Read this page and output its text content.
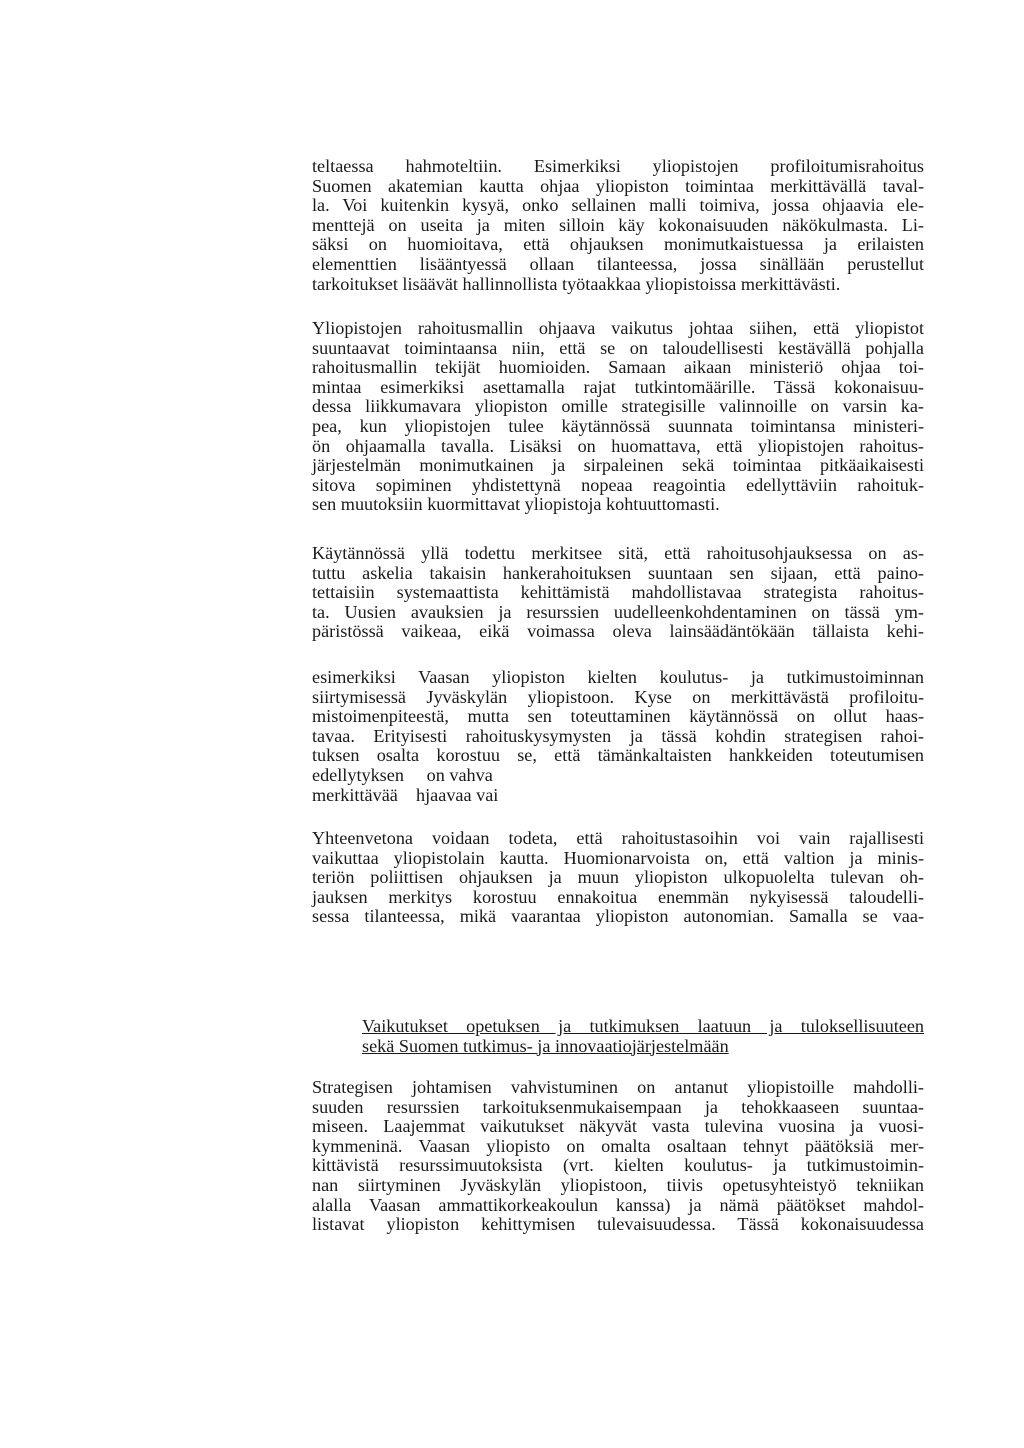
teltaessa hahmoteltiin. Esimerkiksi yliopistojen profiloitumisrahoitus
Suomen akatemian kautta ohjaa yliopiston toimintaa merkittävällä taval-
la. Voi kuitenkin kysyä, onko sellainen malli toimiva, jossa ohjaavia ele-
menttejä on useita ja miten silloin käy kokonaisuuden näkökulmasta. Li-
säksi on huomioitava, että ohjauksen monimutkaistuessa ja erilaisten
elementtien lisääntyessä ollaan tilanteessa, jossa sinällään perustellut
tarkoitukset lisäävät hallinnollista työtaakkaa yliopistoissa merkittävästi.

Yliopistojen rahoitusmallin ohjaava vaikutus johtaa siihen, että yliopistot
suuntaavat toimintaansa niin, että se on taloudellisesti kestävällä pohjalla
rahoitusmallin tekijät huomioiden. Samaan aikaan ministeriö ohjaa toi-
mintaa esimerkiksi asettamalla rajat tutkintomäärille. Tässä kokonaisuu-
dessa liikkumavara yliopiston omille strategisille valinnoille on varsin ka-
pea, kun yliopistojen tulee käytännössä suunnata toimintansa ministeri-
ön ohjaamalla tavalla. Lisäksi on huomattava, että yliopistojen rahoitus-
järjestelmän monimutkainen ja sirpaleinen sekä toimintaa pitkäaikaisesti
sitova sopiminen yhdistettynä nopeaa reagointia edellyttäviin rahoituk-
sen muutoksiin kuormittavat yliopistoja kohtuuttomasti.

Käytännössä yllä todettu merkitsee sitä, että rahoitusohjauksessa on as-
tuttu askelia takaisin hankerahoituksen suuntaan sen sijaan, että paino-
tettaisiin systemaattista kehittämistä mahdollistavaa strategista rahoitus-
ta. Uusien avauksien ja resurssien uudelleenkohdentaminen on tässä ym-
päristössä vaikeaa, eikä voimassa oleva lainsäädäntökään tällaista kehi-

esimerkiksi Vaasan yliopiston kielten koulutus- ja tutkimustoiminnan
siirtymisessä Jyväskylän yliopistoon. Kyse on merkittävästä profiloitu-
mistoimenpiteestä, mutta sen toteuttaminen käytännössä on ollut haas-
tavaa. Erityisesti rahoituskysymysten ja tässä kohdin strategisen rahoi-
tuksen osalta korostuu se, että tämänkaltaisten hankkeiden toteutumisen
edellytyksen     on vahva
merkittävää    hjaavaa vai

Yhteenvetona voidaan todeta, että rahoitustasoihin voi vain rajallisesti
vaikuttaa yliopistolain kautta. Huomionarvoista on, että valtion ja minis-
teriön poliittisen ohjauksen ja muun yliopiston ulkopuolelta tulevan oh-
jauksen merkitys korostuu ennakoitua enemmän nykyisessä taloudelli-
sessa tilanteessa, mikä vaarantaa yliopiston autonomian. Samalla se vaa-

Vaikutukset opetuksen ja tutkimuksen laatuun ja tuloksellisuuteen
sekä Suomen tutkimus- ja innovaatiojärjestelmään

Strategisen johtamisen vahvistuminen on antanut yliopistoille mahdolli-
suuden resurssien tarkoituksenmukaisempaan ja tehokkaaseen suuntaa-
miseen. Laajemmat vaikutukset näkyvät vasta tulevina vuosina ja vuosi-
kymmeninä. Vaasan yliopisto on omalta osaltaan tehnyt päätöksiä mer-
kittävistä resurssimuutoksista (vrt. kielten koulutus- ja tutkimustoimin-
nan siirtyminen Jyväskylän yliopistoon, tiivis opetusyhteistyö tekniikan
alalla Vaasan ammattikorkeakoulun kanssa) ja nämä päätökset mahdol-
listavat yliopiston kehittymisen tulevaisuudessa. Tässä kokonaisuudessa
